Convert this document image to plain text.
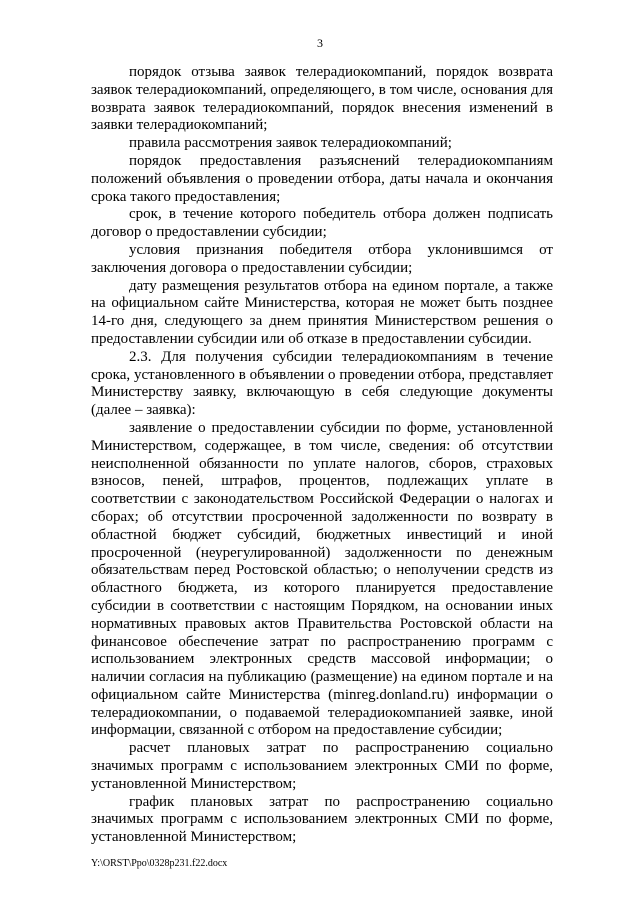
3

порядок отзыва заявок телерадиокомпаний, порядок возврата заявок телерадиокомпаний, определяющего, в том числе, основания для возврата заявок телерадиокомпаний, порядок внесения изменений в заявки телерадиокомпаний;

правила рассмотрения заявок телерадиокомпаний;

порядок предоставления разъяснений телерадиокомпаниям положений объявления о проведении отбора, даты начала и окончания срока такого предоставления;

срок, в течение которого победитель отбора должен подписать договор о предоставлении субсидии;

условия признания победителя отбора уклонившимся от заключения договора о предоставлении субсидии;

дату размещения результатов отбора на едином портале, а также на официальном сайте Министерства, которая не может быть позднее 14-го дня, следующего за днем принятия Министерством решения о предоставлении субсидии или об отказе в предоставлении субсидии.

2.3. Для получения субсидии телерадиокомпаниям в течение срока, установленного в объявлении о проведении отбора, представляет Министерству заявку, включающую в себя следующие документы (далее – заявка):

заявление о предоставлении субсидии по форме, установленной Министерством, содержащее, в том числе, сведения: об отсутствии неисполненной обязанности по уплате налогов, сборов, страховых взносов, пеней, штрафов, процентов, подлежащих уплате в соответствии с законодательством Российской Федерации о налогах и сборах; об отсутствии просроченной задолженности по возврату в областной бюджет субсидий, бюджетных инвестиций и иной просроченной (неурегулированной) задолженности по денежным обязательствам перед Ростовской областью; о неполучении средств из областного бюджета, из которого планируется предоставление субсидии в соответствии с настоящим Порядком, на основании иных нормативных правовых актов Правительства Ростовской области на финансовое обеспечение затрат по распространению программ с использованием электронных средств массовой информации; о наличии согласия на публикацию (размещение) на едином портале и на официальном сайте Министерства (minreg.donland.ru) информации о телерадиокомпании, о подаваемой телерадиокомпанией заявке, иной информации, связанной с отбором на предоставление субсидии;

расчет плановых затрат по распространению социально значимых программ с использованием электронных СМИ по форме, установленной Министерством;

график плановых затрат по распространению социально значимых программ с использованием электронных СМИ по форме, установленной Министерством;

Y:\ORST\Ppo\0328p231.f22.docx
